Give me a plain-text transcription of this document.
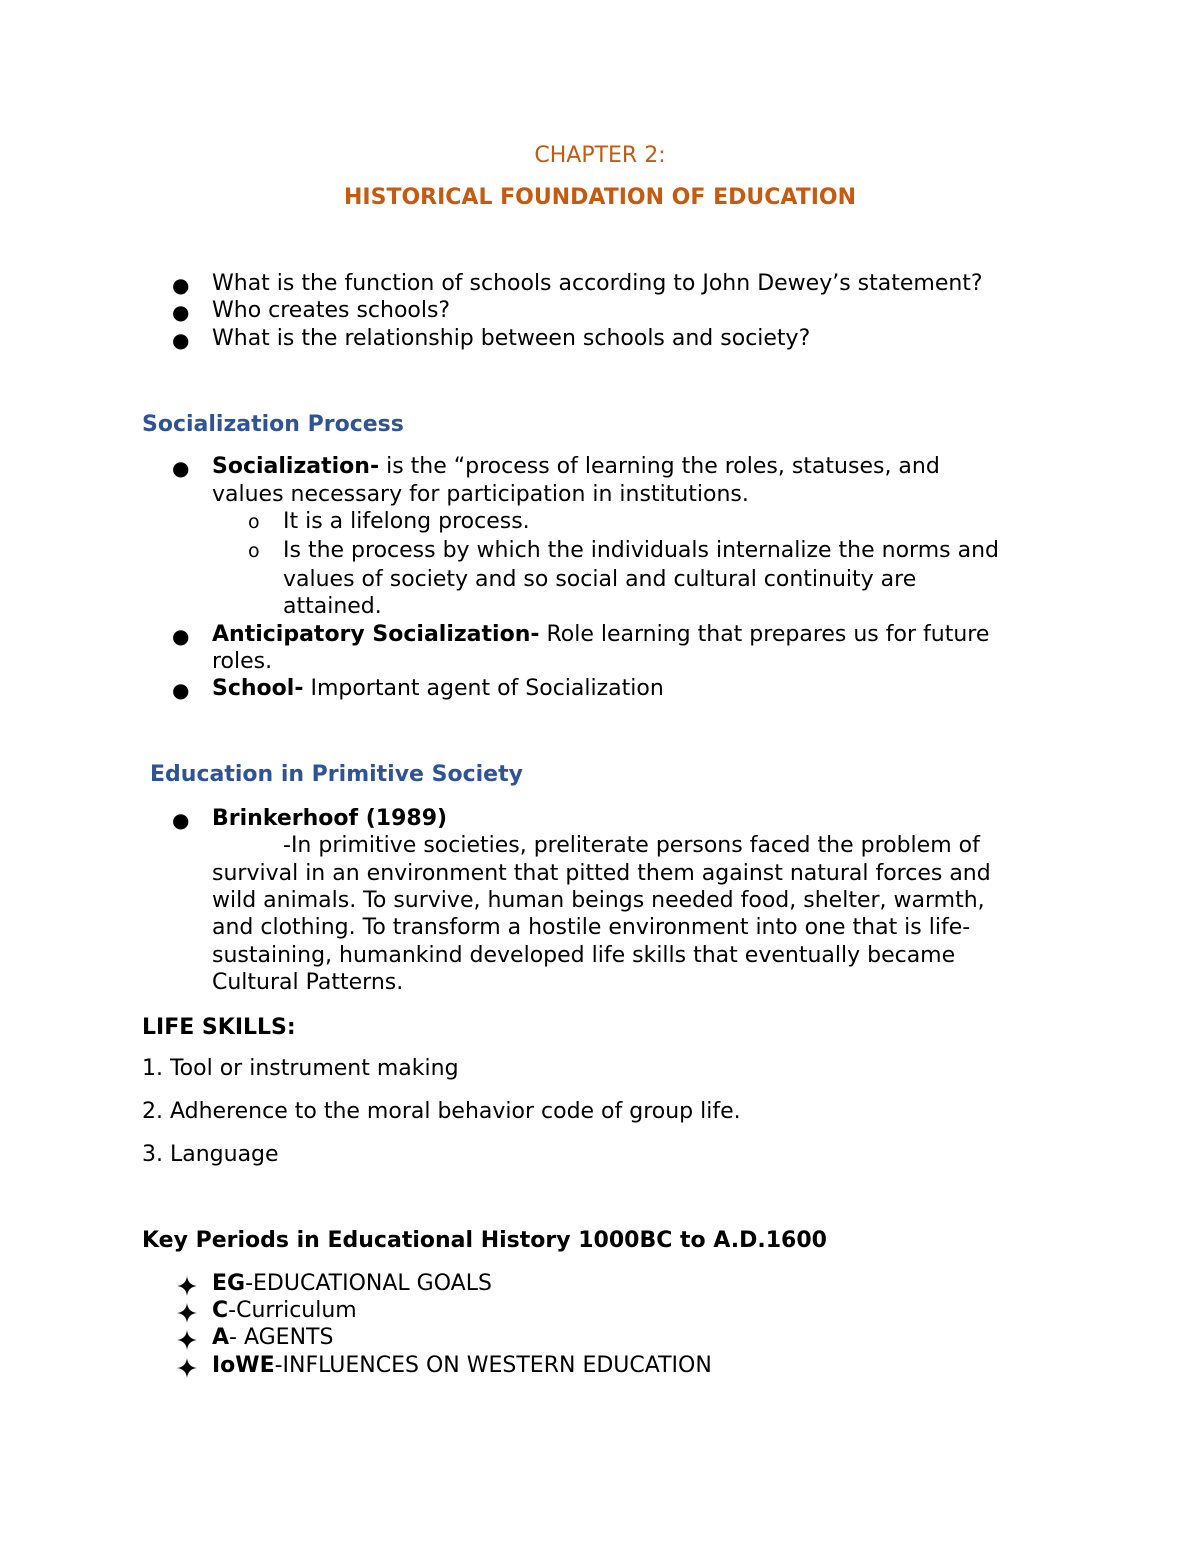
CHAPTER 2:
HISTORICAL FOUNDATION OF EDUCATION
● What is the function of schools according to John Dewey’s statement?
● Who creates schools?
● What is the relationship between schools and society?
Socialization Process
● Socialization- is the “process of learning the roles, statuses, and
values necessary for participation in institutions.
o It is a lifelong process.
o Is the process by which the individuals internalize the norms and
values of society and so social and cultural continuity are
attained.
● Anticipatory Socialization- Role learning that prepares us for future
roles.
● School- Important agent of Socialization
Education in Primitive Society
● Brinkerhoof (1989)
-In primitive societies, preliterate persons faced the problem of
survival in an environment that pitted them against natural forces and
wild animals. To survive, human beings needed food, shelter, warmth,
and clothing. To transform a hostile environment into one that is life-
sustaining, humankind developed life skills that eventually became
Cultural Patterns.
LIFE SKILLS:
1. Tool or instrument making
2. Adherence to the moral behavior code of group life.
3. Language
Key Periods in Educational History 1000BC to A.D.1600
EG-EDUCATIONAL GOALS
C-Curriculum
A- AGENTS
IoWE-INFLUENCES ON WESTERN EDUCATION
